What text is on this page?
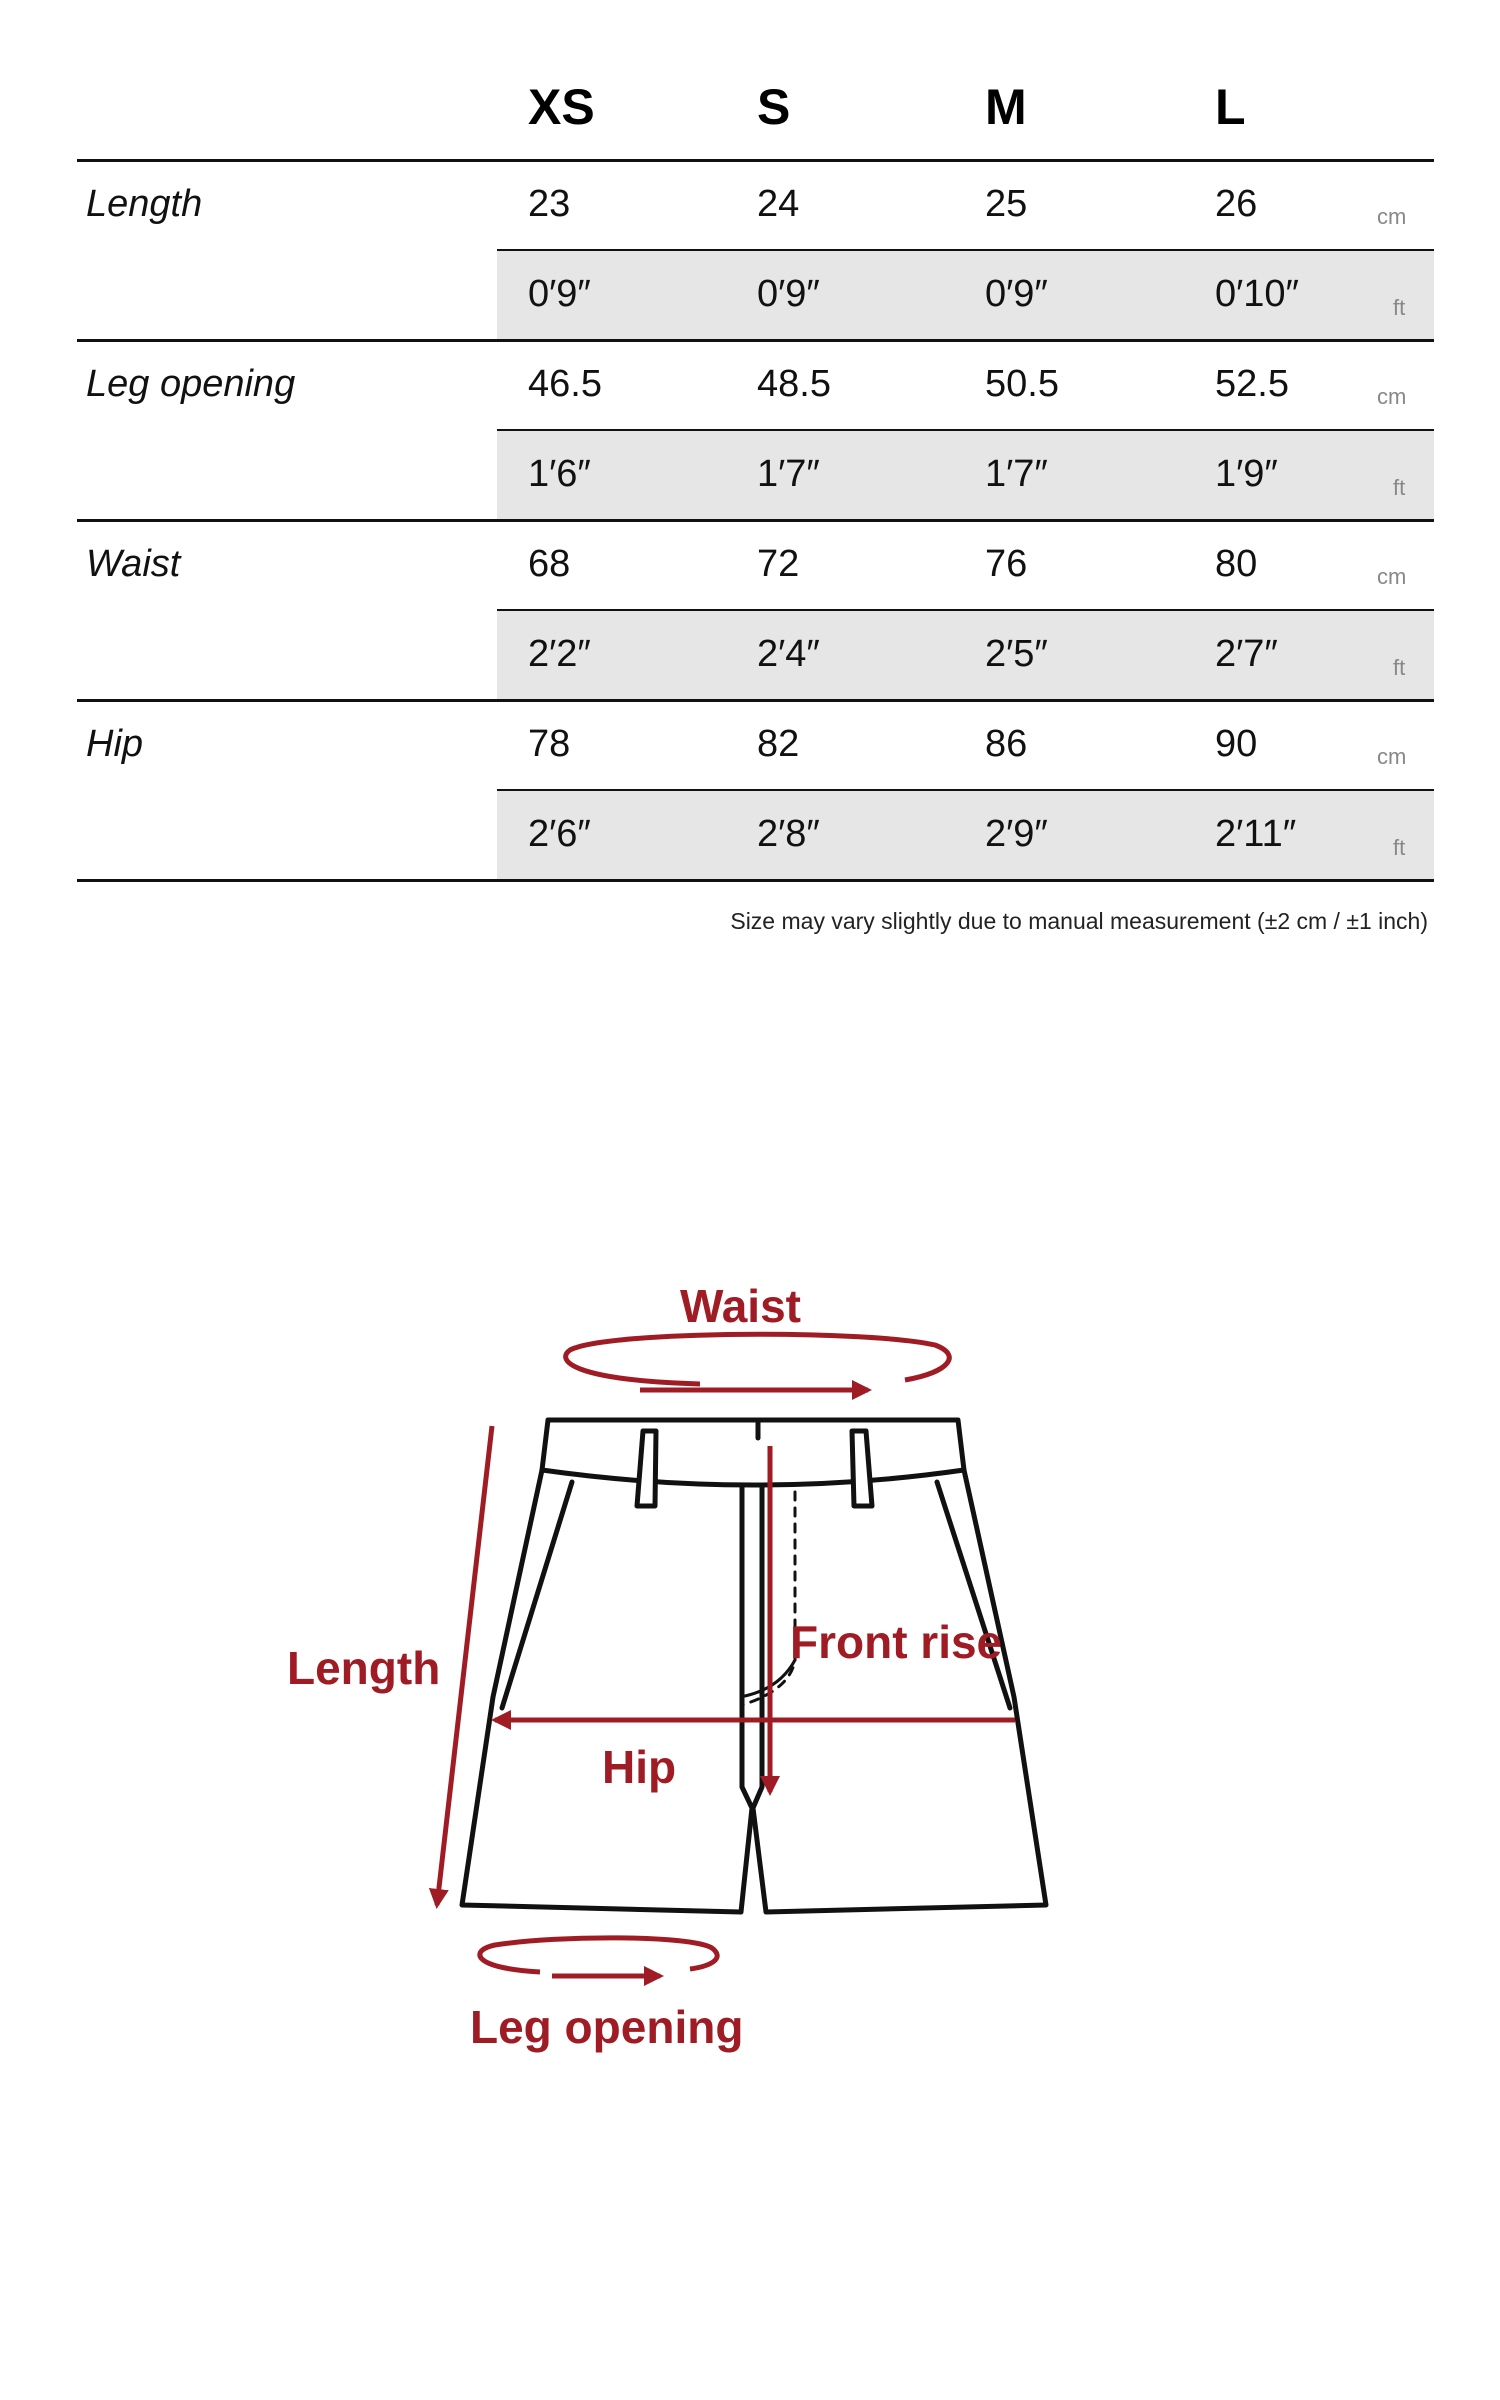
XS	S	M	L
Length	23	24	25	26	cm
0′9″	0′9″	0′9″	0′10″	ft
Leg opening	46.5	48.5	50.5	52.5	cm
1′6″	1′7″	1′7″	1′9″	ft
Waist	68	72	76	80	cm
2′2″	2′4″	2′5″	2′7″	ft
Hip	78	82	86	90	cm
2′6″	2′8″	2′9″	2′11″	ft
Size may vary slightly due to manual measurement (±2 cm / ±1 inch)
Waist
Length	Front rise
Hip
Leg opening
